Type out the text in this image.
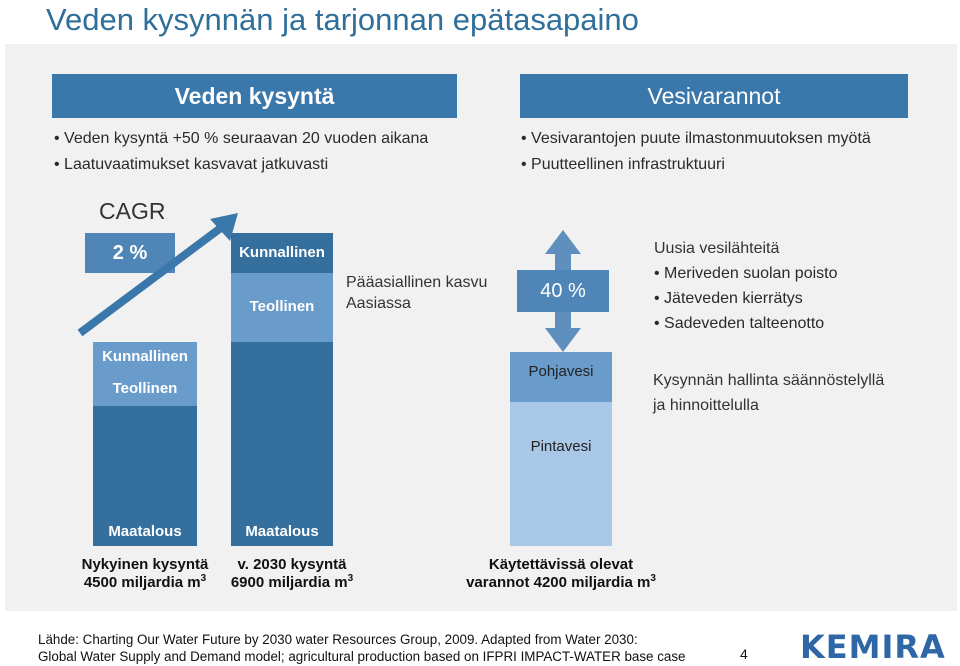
Veden kysynnän ja tarjonnan epätasapaino
Veden kysyntä	Vesivarannot
• Veden kysyntä +50 % seuraavan 20 vuoden aikana
• Laatuvaatimukset kasvavat jatkuvasti
• Vesivarantojen puute ilmastonmuutoksen myötä
• Puutteellinen infrastruktuuri
CAGR
2 %
Kunnallinen
Teollinen
Maatalous
Kunnallinen
Teollinen
Maatalous
Pääasiallinen kasvu
Aasiassa
Pohjavesi
Pintavesi
40 %
Uusia vesilähteitä
• Meriveden suolan poisto
• Jäteveden kierrätys
• Sadeveden talteenotto
Kysynnän hallinta säännöstelyllä
ja hinnoittelulla
Nykyinen kysyntä
4500 miljardia $m^3$
v. 2030 kysyntä
6900 miljardia $m^3$
Käytettävissä olevat
varannot 4200 miljardia $m^3$
Lähde: Charting Our Water Future by 2030 water Resources Group, 2009. Adapted from Water 2030:
Global Water Supply and Demand model; agricultural production based on IFPRI IMPACT-WATER base case	4 KEMIRA
